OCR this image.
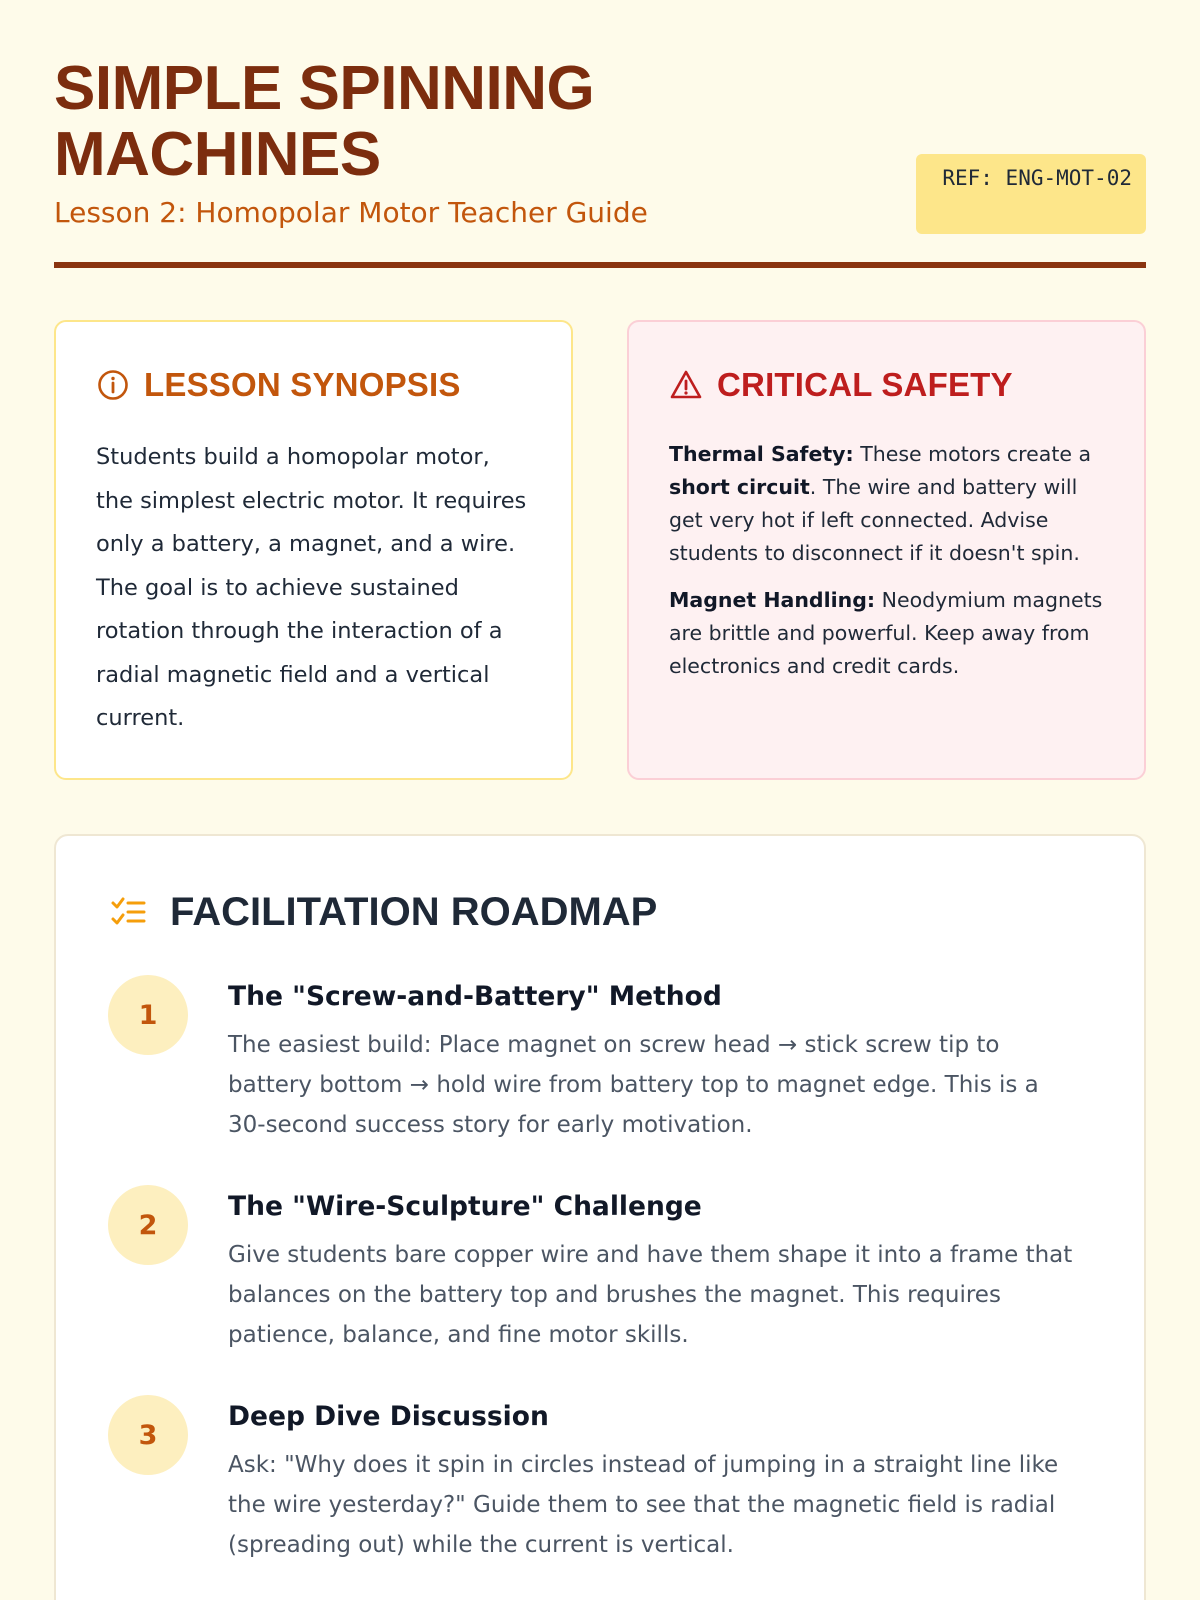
SIMPLE SPINNING MACHINES
Lesson 2: Homopolar Motor Teacher Guide
REF: ENG-MOT-02
LESSON SYNOPSIS

Students build a homopolar motor, the simplest electric motor. It requires only a battery, a magnet, and a wire. The goal is to achieve sustained rotation through the interaction of a radial magnetic field and a vertical current.

CRITICAL SAFETY

Thermal Safety: These motors create a short circuit. The wire and battery will get very hot if left connected. Advise students to disconnect if it doesn't spin.

Magnet Handling: Neodymium magnets are brittle and powerful. Keep away from electronics and credit cards.

FACILITATION ROADMAP
1
The "Screw-and-Battery" Method

The easiest build: Place magnet on screw head → stick screw tip to battery bottom → hold wire from battery top to magnet edge. This is a 30-second success story for early motivation.

2
The "Wire-Sculpture" Challenge

Give students bare copper wire and have them shape it into a frame that balances on the battery top and brushes the magnet. This requires patience, balance, and fine motor skills.

3
Deep Dive Discussion

Ask: "Why does it spin in circles instead of jumping in a straight line like the wire yesterday?" Guide them to see that the magnetic field is radial (spreading out) while the current is vertical.
